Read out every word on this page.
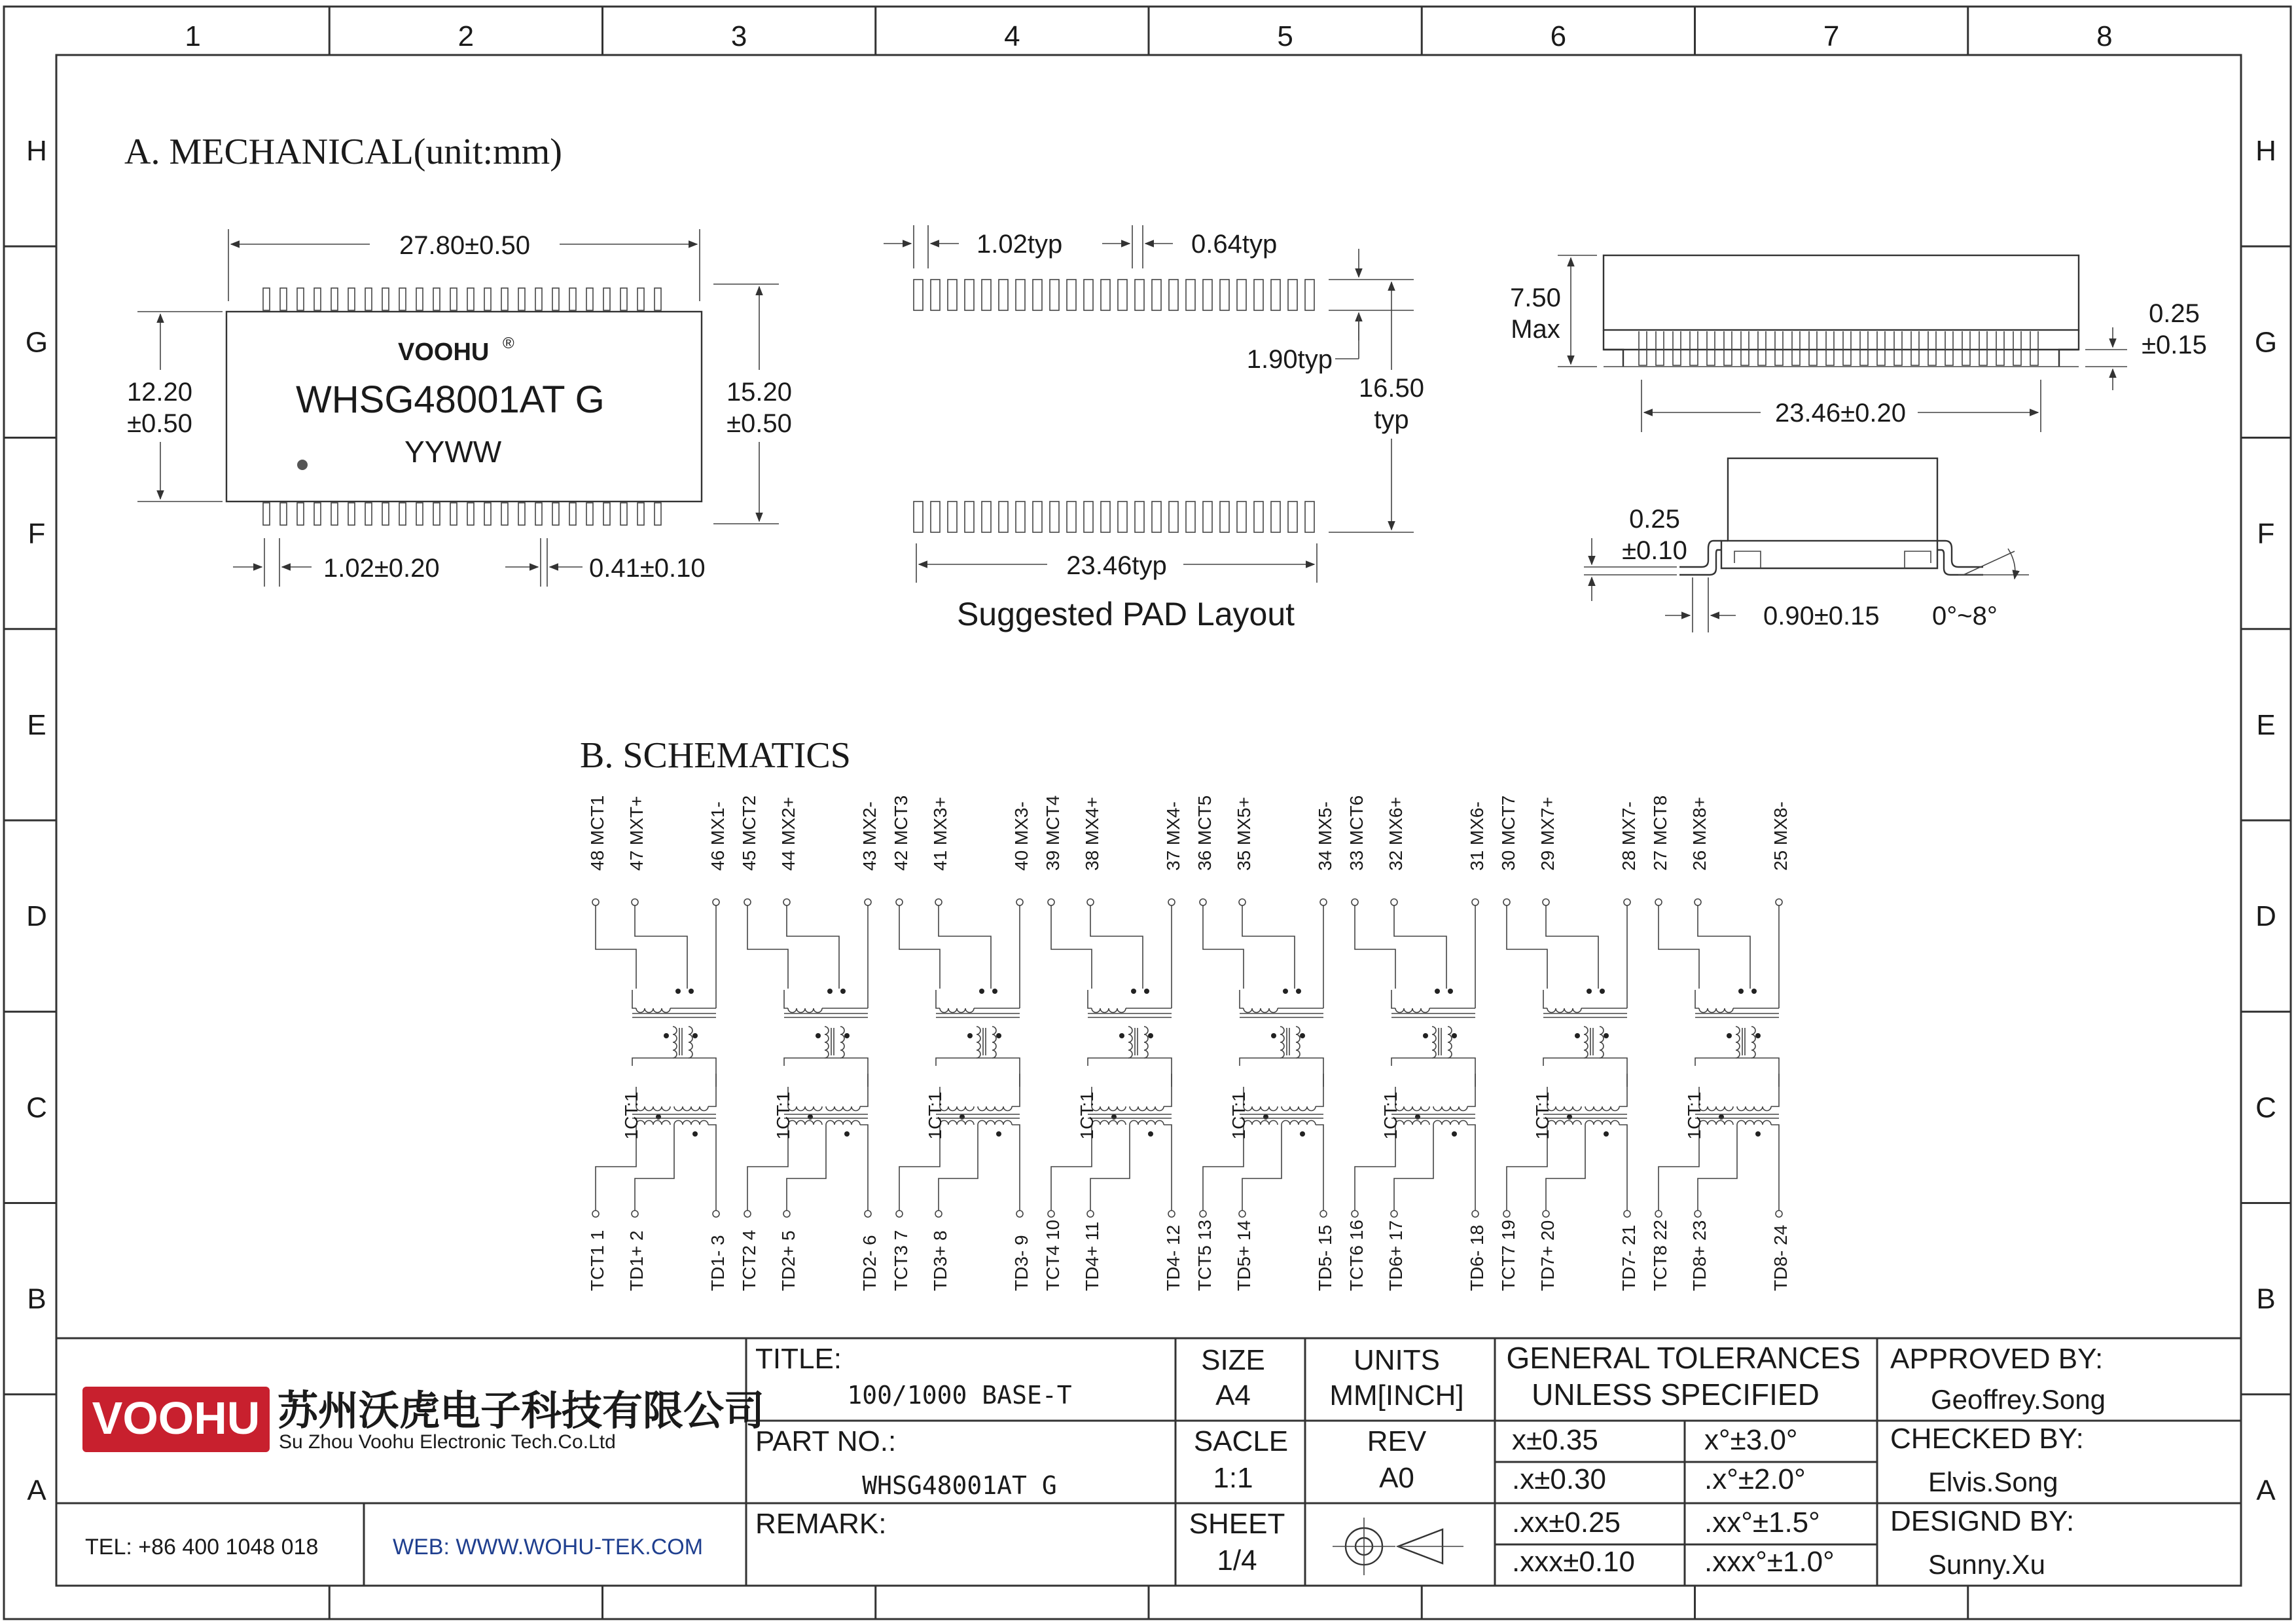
1	2	3	4	5	6	7	8
H	H
G	G
F	F
E	E
D	D
C	C
B	B
A	A
A. MECHANICAL(unit:mm)
VOOHU ®
WHSG48001AT G
YYWW
27.80±0.50
12.20
±0.50
15.20
±0.50
1.02±0.20	0.41±0.10
1.02typ	0.64typ
1.90typ
16.50
typ
23.46typ
Suggested PAD Layout
7.50
Max
0.25
±0.15
23.46±0.20
0.25
±0.10
0.90±0.15 0°~8°
B. SCHEMATICS
48 MCT1 47 MXT+	46 MX1-
TCT1 1 TD1+ 2	TD1- 3
1CT:1
45 MCT2 44 MX2+	43 MX2-
TCT2 4 TD2+ 5	TD2- 6
1CT:1
42 MCT3 41 MX3+	40 MX3-
TCT3 7 TD3+ 8	TD3- 9
1CT:1
39 MCT4 38 MX4+	37 MX4-
TCT4 10 TD4+ 11	TD4- 12
1CT:1
36 MCT5 35 MX5+	34 MX5-
TCT5 13 TD5+ 14	TD5- 15
1CT:1
33 MCT6 32 MX6+	31 MX6-
TCT6 16 TD6+ 17	TD6- 18
1CT:1
30 MCT7 29 MX7+	28 MX7-
TCT7 19 TD7+ 20	TD7- 21
1CT:1
27 MCT8 26 MX8+	25 MX8-
TCT8 22 TD8+ 23	TD8- 24
1CT:1
VOOHU 苏州沃虎电子科技有限公司
Su Zhou Voohu Electronic Tech.Co.Ltd
TEL: +86 400 1048 018	WEB: WWW.WOHU-TEK.COM
TITLE:
100/1000 BASE-T
PART NO.:
WHSG48001AT G
REMARK:
SIZE
A4
SACLE
1:1
SHEET
1/4
UNITS
MM[INCH]
REV
A0
GENERAL TOLERANCES
UNLESS SPECIFIED
x±0.35	x°±3.0°
.x±0.30	.x°±2.0°
.xx±0.25	.xx°±1.5°
.xxx±0.10 .xxx°±1.0°
APPROVED BY:
Geoffrey.Song
CHECKED BY:
Elvis.Song
DESIGND BY:
Sunny.Xu
